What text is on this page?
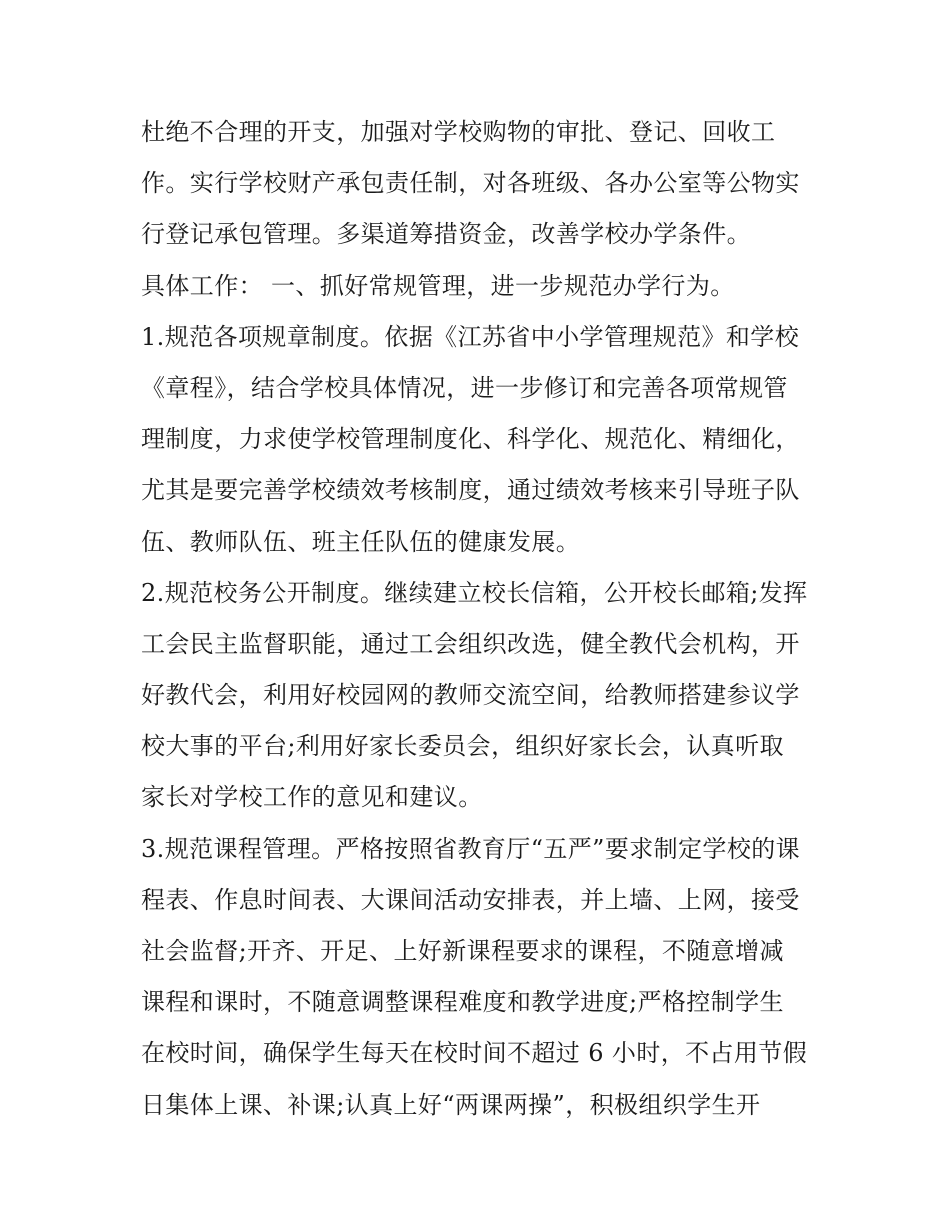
杜绝不合理的开支，加强对学校购物的审批、登记、回收工
作。实行学校财产承包责任制，对各班级、各办公室等公物实
行登记承包管理。多渠道筹措资金，改善学校办学条件。
具体工作： 一、抓好常规管理，进一步规范办学行为。
1.规范各项规章制度。依据《江苏省中小学管理规范》和学校
《章程》，结合学校具体情况，进一步修订和完善各项常规管
理制度，力求使学校管理制度化、科学化、规范化、精细化，
尤其是要完善学校绩效考核制度，通过绩效考核来引导班子队
伍、教师队伍、班主任队伍的健康发展。
2.规范校务公开制度。继续建立校长信箱，公开校长邮箱;发挥
工会民主监督职能，通过工会组织改选，健全教代会机构，开
好教代会，利用好校园网的教师交流空间，给教师搭建参议学
校大事的平台;利用好家长委员会，组织好家长会，认真听取
家长对学校工作的意见和建议。
3.规范课程管理。严格按照省教育厅“五严”要求制定学校的课
程表、作息时间表、大课间活动安排表，并上墙、上网，接受
社会监督;开齐、开足、上好新课程要求的课程，不随意增减
课程和课时，不随意调整课程难度和教学进度;严格控制学生
在校时间，确保学生每天在校时间不超过 6 小时，不占用节假
日集体上课、补课;认真上好“两课两操”，积极组织学生开
